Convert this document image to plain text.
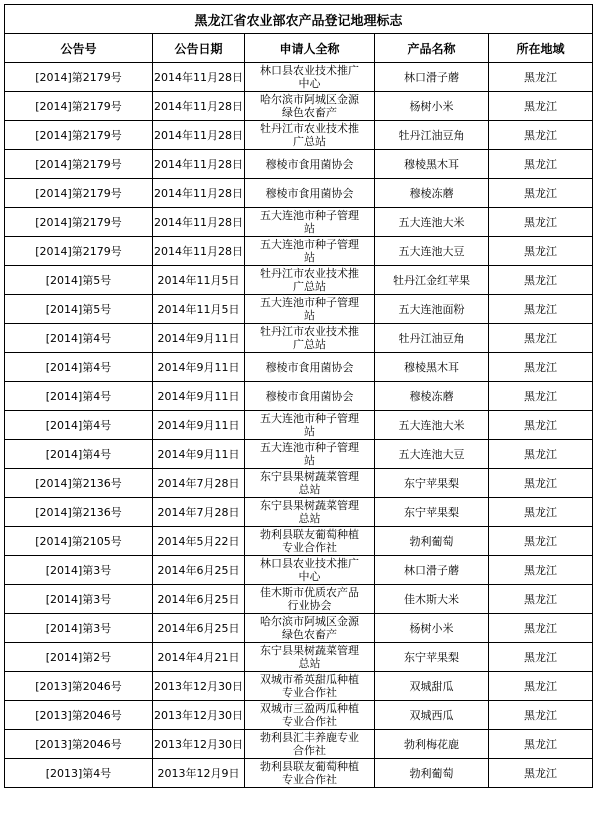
黑龙江省农业部农产品登记地理标志				
公告号	公告日期	申请人全称	产品名称	所在地域
[2014]第2179号	2014年11月28日	林口县农业技术推广中心	林口滑子蘑	黑龙江
[2014]第2179号	2014年11月28日	哈尔滨市阿城区金源绿色农畜产	杨树小米	黑龙江
[2014]第2179号	2014年11月28日	牡丹江市农业技术推广总站	牡丹江油豆角	黑龙江
[2014]第2179号	2014年11月28日	穆棱市食用菌协会	穆棱黑木耳	黑龙江
[2014]第2179号	2014年11月28日	穆棱市食用菌协会	穆棱冻蘑	黑龙江
[2014]第2179号	2014年11月28日	五大连池市种子管理站	五大连池大米	黑龙江
[2014]第2179号	2014年11月28日	五大连池市种子管理站	五大连池大豆	黑龙江
[2014]第5号	2014年11月5日	牡丹江市农业技术推广总站	牡丹江金红苹果	黑龙江
[2014]第5号	2014年11月5日	五大连池市种子管理站	五大连池面粉	黑龙江
[2014]第4号	2014年9月11日	牡丹江市农业技术推广总站	牡丹江油豆角	黑龙江
[2014]第4号	2014年9月11日	穆棱市食用菌协会	穆棱黑木耳	黑龙江
[2014]第4号	2014年9月11日	穆棱市食用菌协会	穆棱冻蘑	黑龙江
[2014]第4号	2014年9月11日	五大连池市种子管理站	五大连池大米	黑龙江
[2014]第4号	2014年9月11日	五大连池市种子管理站	五大连池大豆	黑龙江
[2014]第2136号	2014年7月28日	东宁县果树蔬菜管理总站	东宁苹果梨	黑龙江
[2014]第2136号	2014年7月28日	东宁县果树蔬菜管理总站	东宁苹果梨	黑龙江
[2014]第2105号	2014年5月22日	勃利县联友葡萄种植专业合作社	勃利葡萄	黑龙江
[2014]第3号	2014年6月25日	林口县农业技术推广中心	林口滑子蘑	黑龙江
[2014]第3号	2014年6月25日	佳木斯市优质农产品行业协会	佳木斯大米	黑龙江
[2014]第3号	2014年6月25日	哈尔滨市阿城区金源绿色农畜产	杨树小米	黑龙江
[2014]第2号	2014年4月21日	东宁县果树蔬菜管理总站	东宁苹果梨	黑龙江
[2013]第2046号	2013年12月30日	双城市希英甜瓜种植专业合作社	双城甜瓜	黑龙江
[2013]第2046号	2013年12月30日	双城市三盈两瓜种植专业合作社	双城西瓜	黑龙江
[2013]第2046号	2013年12月30日	勃利县汇丰养鹿专业合作社	勃利梅花鹿	黑龙江
[2013]第4号	2013年12月9日	勃利县联友葡萄种植专业合作社	勃利葡萄	黑龙江
